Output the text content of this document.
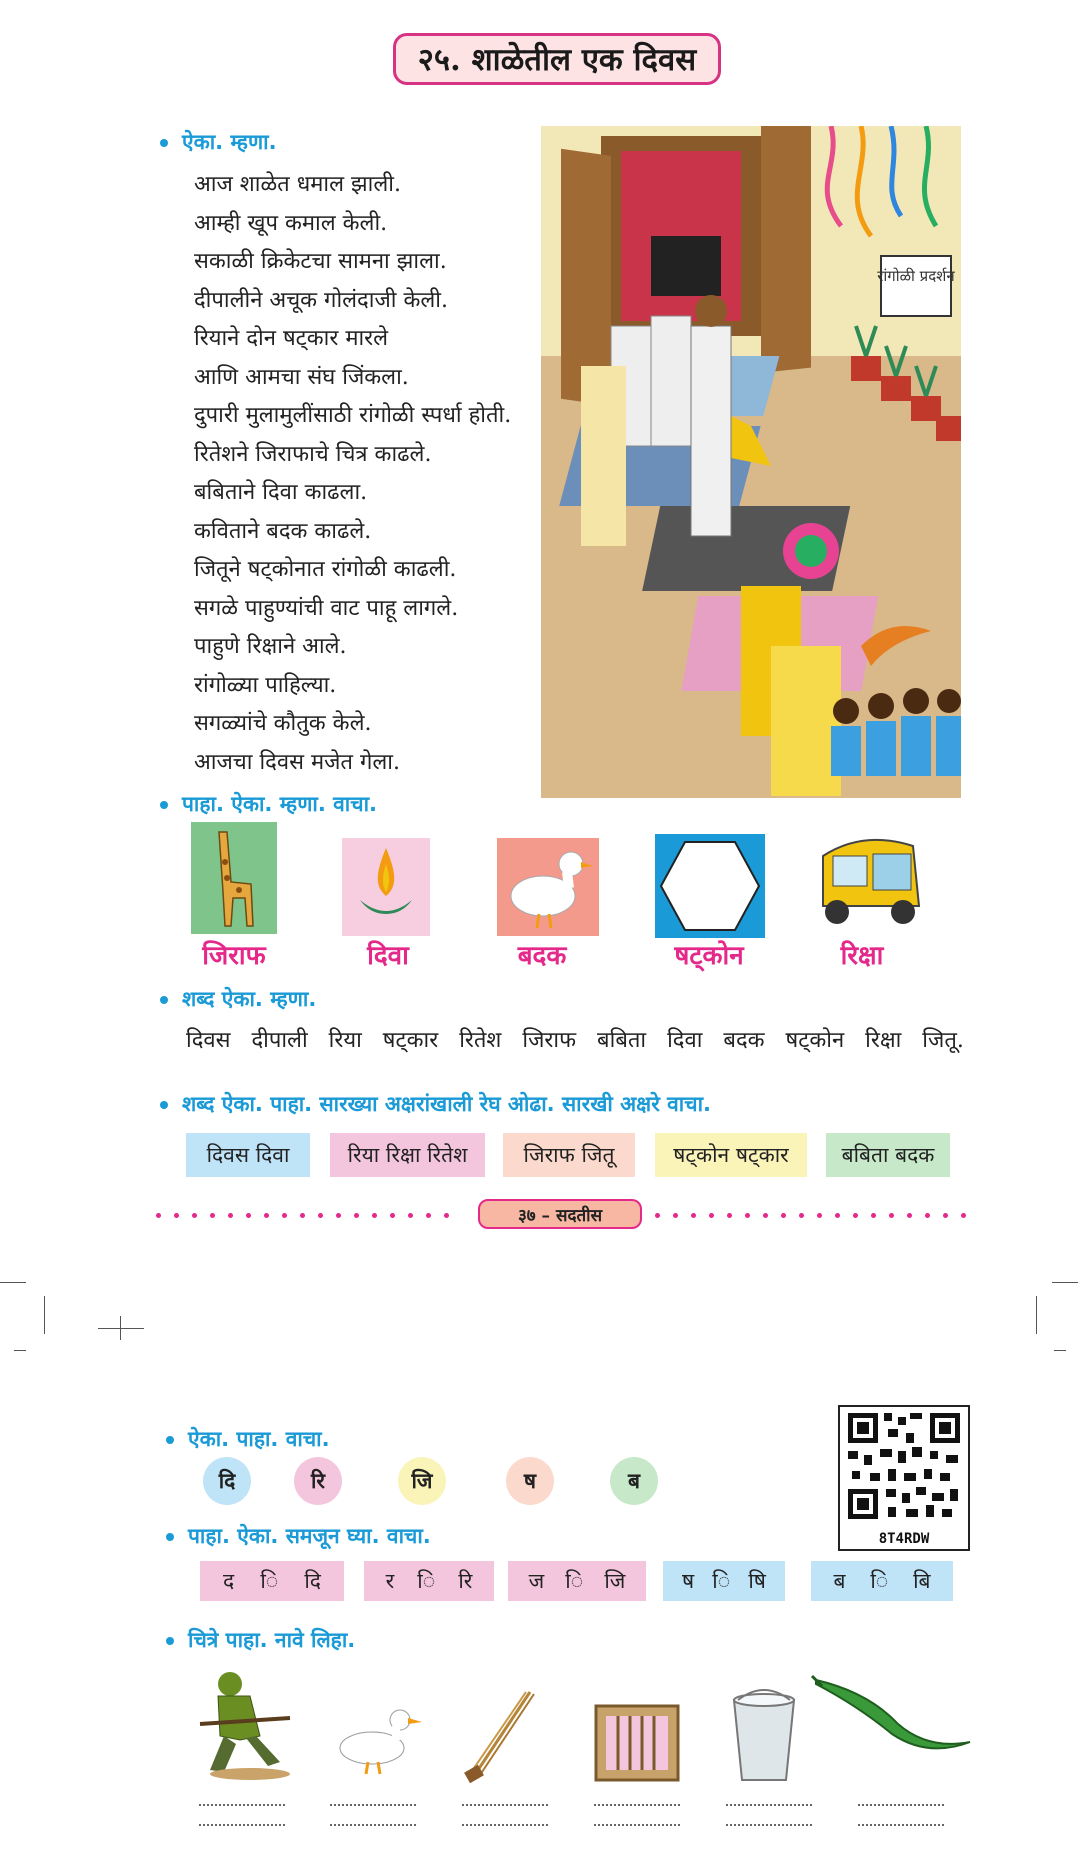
२५. शाळेतील एक दिवस
ऐका. म्हणा.
आज शाळेत धमाल झाली.
आम्ही खूप कमाल केली.
सकाळी क्रिकेटचा सामना झाला.
दीपालीने अचूक गोलंदाजी केली.
रियाने दोन षट्कार मारले
आणि आमचा संघ जिंकला.
दुपारी मुलामुलींसाठी रांगोळी स्पर्धा होती.
रितेशने जिराफाचे चित्र काढले.
बबिताने दिवा काढला.
कविताने बदक काढले.
जितूने षट्कोनात रांगोळी काढली.
सगळे पाहुण्यांची वाट पाहू लागले.
पाहुणे रिक्षाने आले.
रांगोळ्या पाहिल्या.
सगळ्यांचे कौतुक केले.
आजचा दिवस मजेत गेला.
रांगोळी प्रदर्शन
पाहा. ऐका. म्हणा. वाचा.
जिराफ	दिवा	बदक	षट्कोन	रिक्षा
शब्द ऐका. म्हणा.
दिवस दीपाली रिया षट्कार रितेश जिराफ बबिता दिवा बदक षट्कोन रिक्षा जितू.
शब्द ऐका. पाहा. सारख्या अक्षरांखाली रेघ ओढा. सारखी अक्षरे वाचा.
दिवस दिवा	रिया रिक्षा रितेश	जिराफ जितू	षट्कोन षट्कार	बबिता बदक
३७ – सदतीस
ऐका. पाहा. वाचा.
दि	रि	जि	ष	ब
8T4RDW
पाहा. ऐका. समजून घ्या. वाचा.
द ि दि	र ि रि	ज ि जि	ष ि षि	ब ि बि
चित्रे पाहा. नावे लिहा.
